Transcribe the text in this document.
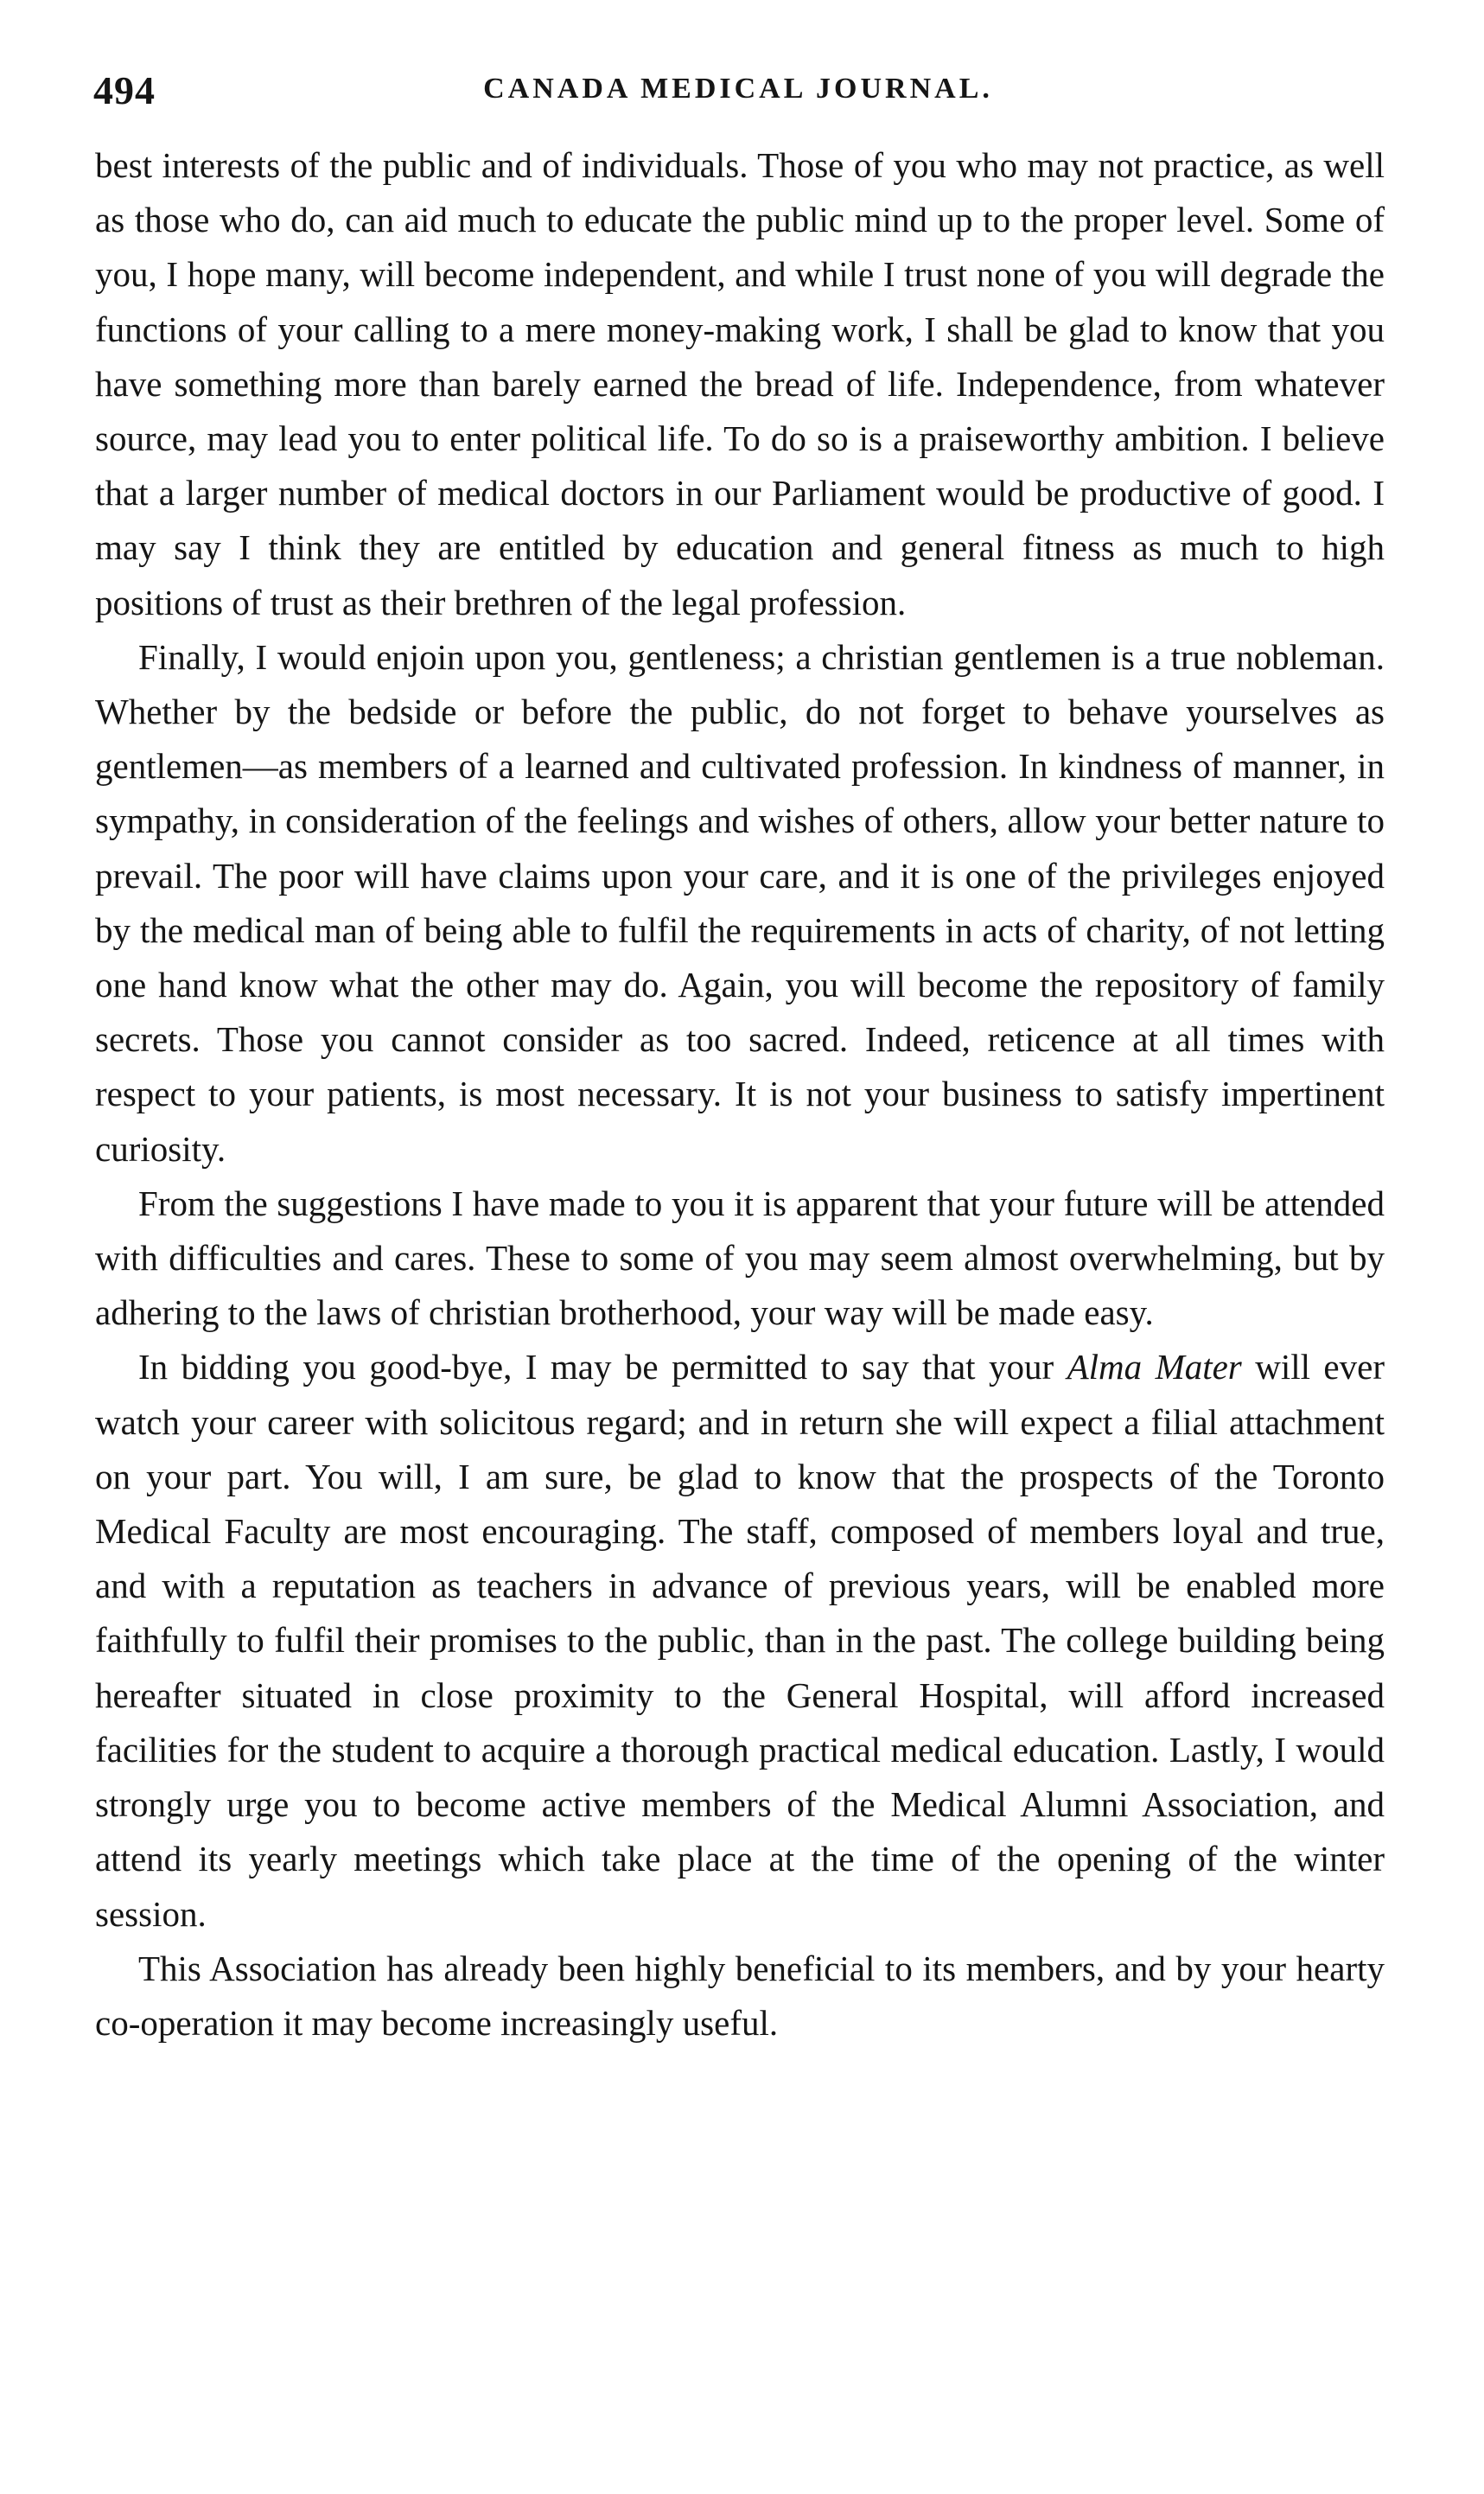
494	CANADA MEDICAL JOURNAL.

best interests of the public and of individuals. Those of you who may not practice, as well as those who do, can aid much to educate the public mind up to the proper level. Some of you, I hope many, will become independent, and while I trust none of you will degrade the functions of your calling to a mere money-making work, I shall be glad to know that you have something more than barely earned the bread of life. Independence, from whatever source, may lead you to enter political life. To do so is a praiseworthy ambition. I believe that a larger number of medical doctors in our Parliament would be productive of good. I may say I think they are entitled by education and general fitness as much to high positions of trust as their brethren of the legal profession.

Finally, I would enjoin upon you, gentleness; a christian gentlemen is a true nobleman. Whether by the bedside or before the public, do not forget to behave yourselves as gentlemen—as members of a learned and cultivated profession. In kindness of manner, in sympathy, in consideration of the feelings and wishes of others, allow your better nature to prevail. The poor will have claims upon your care, and it is one of the privileges enjoyed by the medical man of being able to fulfil the requirements in acts of charity, of not letting one hand know what the other may do. Again, you will become the repository of family secrets. Those you cannot consider as too sacred. Indeed, reticence at all times with respect to your patients, is most necessary. It is not your business to satisfy impertinent curiosity.

From the suggestions I have made to you it is apparent that your future will be attended with difficulties and cares. These to some of you may seem almost overwhelming, but by adhering to the laws of christian brotherhood, your way will be made easy.

In bidding you good-bye, I may be permitted to say that your Alma Mater will ever watch your career with solicitous regard; and in return she will expect a filial attachment on your part. You will, I am sure, be glad to know that the prospects of the Toronto Medical Faculty are most encouraging. The staff, composed of members loyal and true, and with a reputation as teachers in advance of previous years, will be enabled more faithfully to fulfil their promises to the public, than in the past. The college building being hereafter situated in close proximity to the General Hospital, will afford increased facilities for the student to acquire a thorough practical medical education. Lastly, I would strongly urge you to become active members of the Medical Alumni Association, and attend its yearly meetings which take place at the time of the opening of the winter session.

This Association has already been highly beneficial to its members, and by your hearty co-operation it may become increasingly useful.
